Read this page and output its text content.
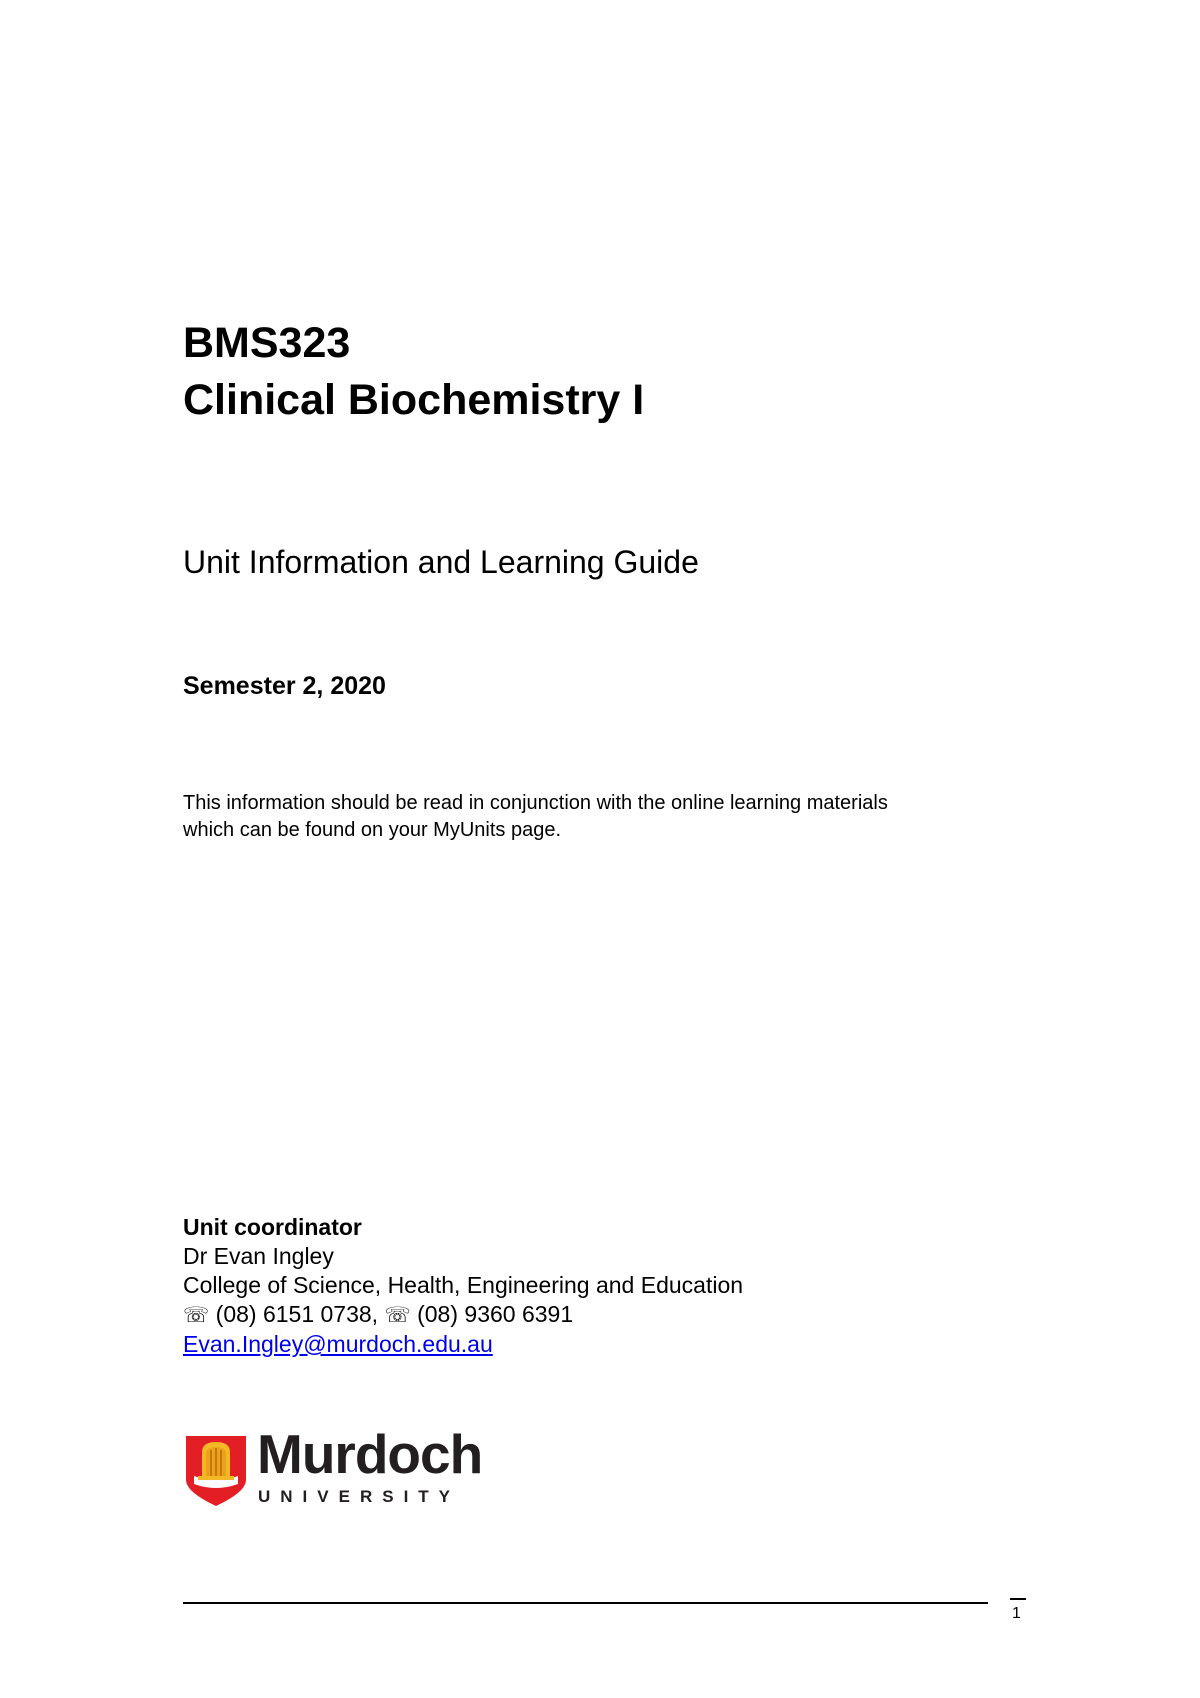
BMS323
Clinical Biochemistry I
Unit Information and Learning Guide
Semester 2, 2020
This information should be read in conjunction with the online learning materials
which can be found on your MyUnits page.
Unit coordinator
Dr Evan Ingley
College of Science, Health, Engineering and Education
☏ (08) 6151 0738, ☏ (08) 9360 6391
Evan.Ingley@murdoch.edu.au
Murdoch
UNIVERSITY
1
